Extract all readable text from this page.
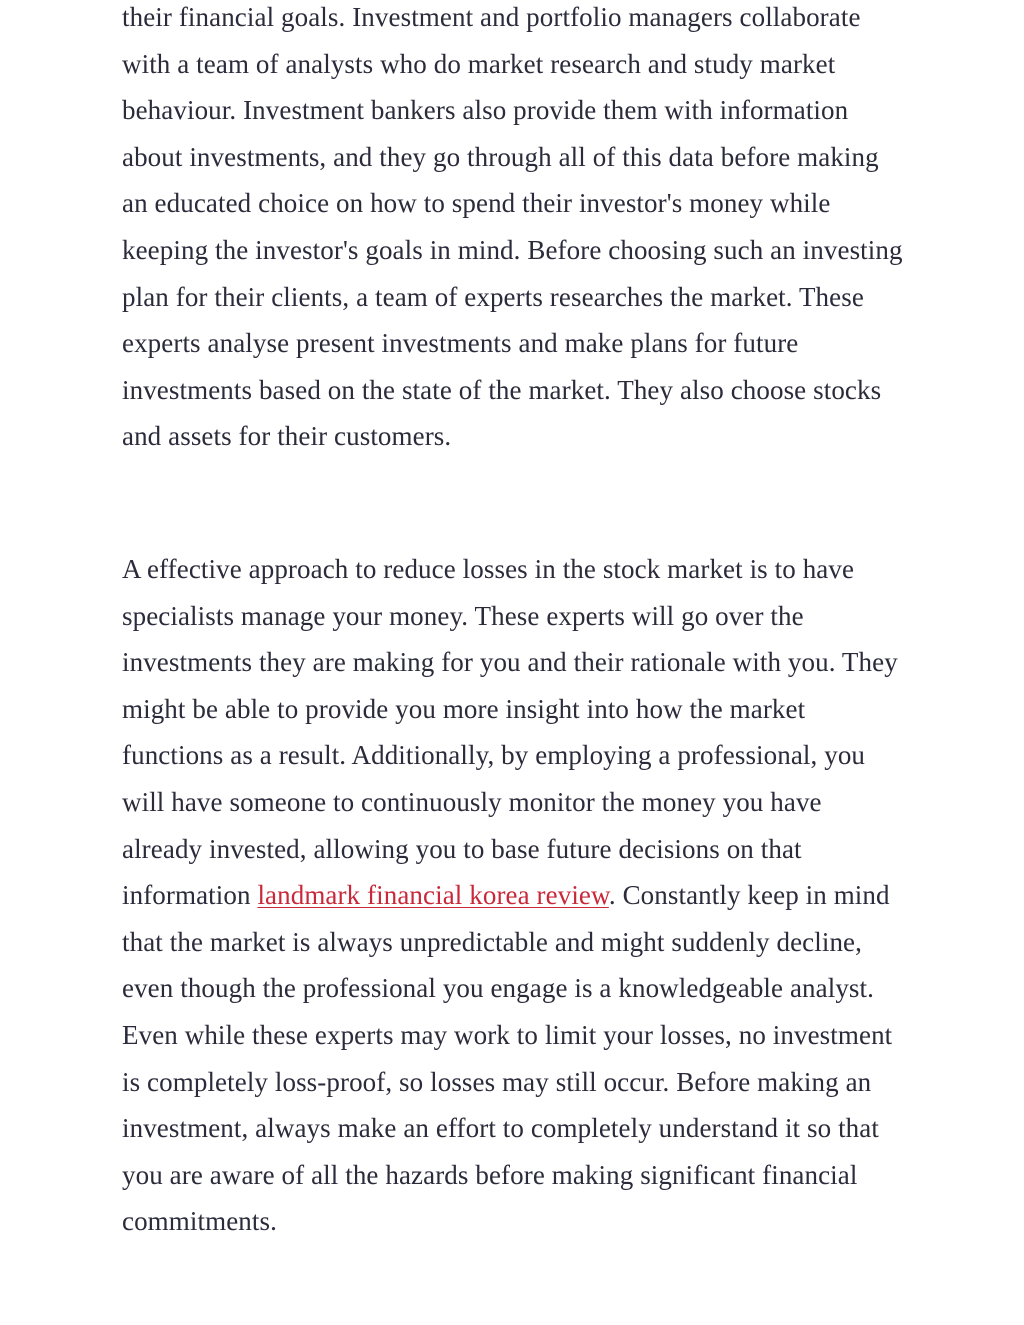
their financial goals. Investment and portfolio managers collaborate
with a team of analysts who do market research and study market
behaviour. Investment bankers also provide them with information
about investments, and they go through all of this data before making
an educated choice on how to spend their investor's money while
keeping the investor's goals in mind. Before choosing such an investing
plan for their clients, a team of experts researches the market. These
experts analyse present investments and make plans for future
investments based on the state of the market. They also choose stocks
and assets for their customers.

A effective approach to reduce losses in the stock market is to have
specialists manage your money. These experts will go over the
investments they are making for you and their rationale with you. They
might be able to provide you more insight into how the market
functions as a result. Additionally, by employing a professional, you
will have someone to continuously monitor the money you have
already invested, allowing you to base future decisions on that
information landmark financial korea review. Constantly keep in mind
that the market is always unpredictable and might suddenly decline,
even though the professional you engage is a knowledgeable analyst.
Even while these experts may work to limit your losses, no investment
is completely loss-proof, so losses may still occur. Before making an
investment, always make an effort to completely understand it so that
you are aware of all the hazards before making significant financial
commitments.
